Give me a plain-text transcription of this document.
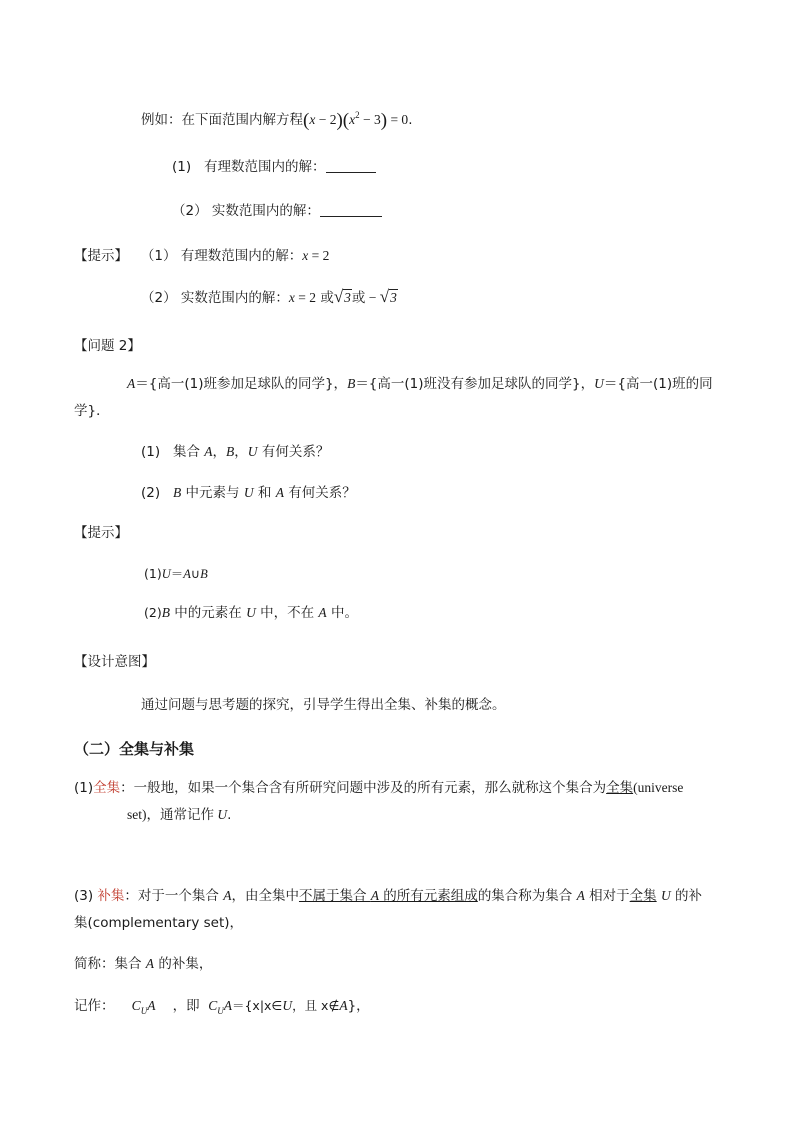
例如：在下面范围内解方程$(x - 2)(x^2 - 3) = 0$.
(1) 有理数范围内的解：
（2） 实数范围内的解：
【提示】 （1） 有理数范围内的解：x = 2
（2） 实数范围内的解：x = 2 或√3或 − √3
【问题 2】
A＝{高一(1)班参加足球队的同学}，B＝{高一(1)班没有参加足球队的同学}，U＝{高一(1)班的同
学}．
(1) 集合 A，B，U 有何关系？
(2) B 中元素与 U 和 A 有何关系？
【提示】
(1)U＝A∪B
(2)B 中的元素在 U 中，不在 A 中。
【设计意图】
通过问题与思考题的探究，引导学生得出全集、补集的概念。
（二）全集与补集
(1)全集：一般地，如果一个集合含有所研究问题中涉及的所有元素，那么就称这个集合为全集(universe
set)，通常记作 U.
(3) 补集：对于一个集合 A，由全集中不属于集合 A 的所有元素组成的集合称为集合 A 相对于全集 U 的补
集(complementary set)，
简称：集合 A 的补集，
记作： $C_UA$ ，即 $C_UA=\{x|x\in U$，且 x∉A}，
